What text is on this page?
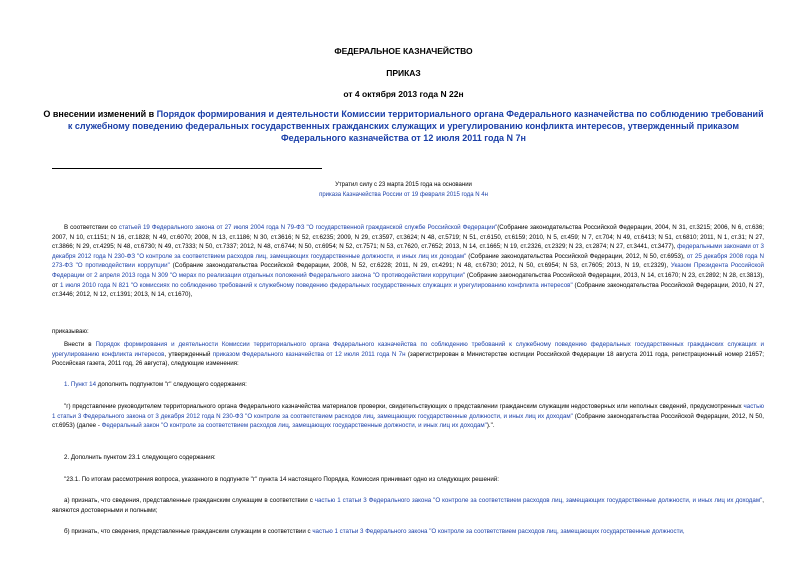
ФЕДЕРАЛЬНОЕ КАЗНАЧЕЙСТВО
ПРИКАЗ
от 4 октября 2013 года N 22н
О внесении изменений в Порядок формирования и деятельности Комиссии территориального органа Федерального казначейства по соблюдению требований к служебному поведению федеральных государственных гражданских служащих и урегулированию конфликта интересов, утвержденный приказом Федерального казначейства от 12 июля 2011 года N 7н
Утратил силу с 23 марта 2015 года на основании
приказа Казначейства России от 19 февраля 2015 года N 4н
В соответствии со статьей 19 Федерального закона от 27 июля 2004 года N 79-ФЗ "О государственной гражданской службе Российской Федерации"(Собрание законодательства Российской Федерации, 2004, N 31, ст.3215; 2006, N 6, ст.636; 2007, N 10, ст.1151; N 16, ст.1828; N 49, ст.6070; 2008, N 13, ст.1186; N 30, ст.3616; N 52, ст.6235; 2009, N 29, ст.3597, ст.3624; N 48, ст.5719; N 51, ст.6150, ст.6159; 2010, N 5, ст.459; N 7, ст.704; N 49, ст.6413; N 51, ст.6810; 2011, N 1, ст.31; N 27, ст.3866; N 29, ст.4295; N 48, ст.6730; N 49, ст.7333; N 50, ст.7337; 2012, N 48, ст.6744; N 50, ст.6954; N 52, ст.7571; N 53, ст.7620, ст.7652; 2013, N 14, ст.1665; N 19, ст.2326, ст.2329; N 23, ст.2874; N 27, ст.3441, ст.3477), федеральными законами от 3 декабря 2012 года N 230-ФЗ "О контроле за соответствием расходов лиц, замещающих государственные должности, и иных лиц их доходам" (Собрание законодательства Российской Федерации, 2012, N 50, ст.6953), от 25 декабря 2008 года N 273-ФЗ "О противодействии коррупции" (Собрание законодательства Российской Федерации, 2008, N 52, ст.6228; 2011, N 29, ст.4291; N 48, ст.6730; 2012, N 50, ст.6954; N 53, ст.7605; 2013, N 19, ст.2329), Указом Президента Российской Федерации от 2 апреля 2013 года N 309 "О мерах по реализации отдельных положений Федерального закона "О противодействии коррупции" (Собрание законодательства Российской Федерации, 2013, N 14, ст.1670; N 23, ст.2892; N 28, ст.3813), от 1 июля 2010 года N 821 "О комиссиях по соблюдению требований к служебному поведению федеральных государственных служащих и урегулированию конфликта интересов" (Собрание законодательства Российской Федерации, 2010, N 27, ст.3446; 2012, N 12, ст.1391; 2013, N 14, ст.1670),
приказываю:
Внести в Порядок формирования и деятельности Комиссии территориального органа Федерального казначейства по соблюдению требований к служебному поведению федеральных государственных гражданских служащих и урегулированию конфликта интересов, утвержденный приказом Федерального казначейства от 12 июля 2011 года N 7н (зарегистрирован в Министерстве юстиции Российской Федерации 18 августа 2011 года, регистрационный номер 21657; Российская газета, 2011 год, 26 августа), следующие изменения:
1. Пункт 14 дополнить подпунктом "г" следующего содержания:
"г) представление руководителем территориального органа Федерального казначейства материалов проверки, свидетельствующих о представлении гражданским служащим недостоверных или неполных сведений, предусмотренных частью 1 статьи 3 Федерального закона от 3 декабря 2012 года N 230-ФЗ "О контроле за соответствием расходов лиц, замещающих государственные должности, и иных лиц их доходам" (Собрание законодательства Российской Федерации, 2012, N 50, ст.6953) (далее - Федеральный закон "О контроле за соответствием расходов лиц, замещающих государственные должности, и иных лиц их доходам").".
2. Дополнить пунктом 23.1 следующего содержания:
"23.1. По итогам рассмотрения вопроса, указанного в подпункте "г" пункта 14 настоящего Порядка, Комиссия принимает одно из следующих решений:
а) признать, что сведения, представленные гражданским служащим в соответствии с частью 1 статьи 3 Федерального закона "О контроле за соответствием расходов лиц, замещающих государственные должности, и иных лиц их доходам", являются достоверными и полными;
б) признать, что сведения, представленные гражданским служащим в соответствии с частью 1 статьи 3 Федерального закона "О контроле за соответствием расходов лиц, замещающих государственные должности,
